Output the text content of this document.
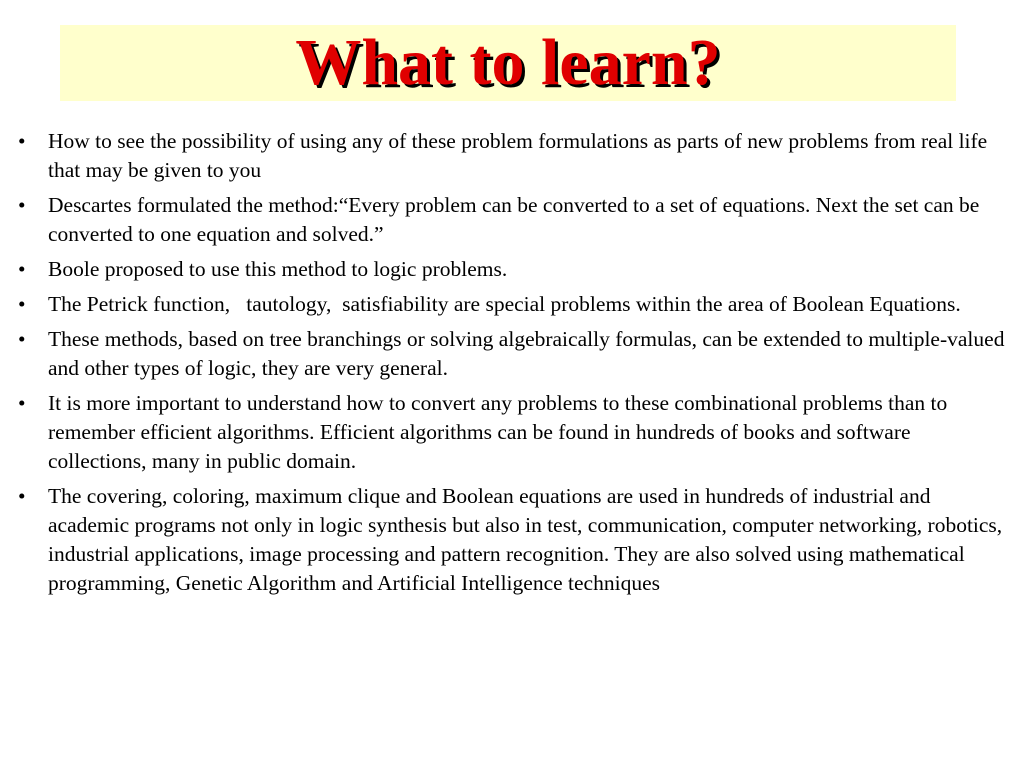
What to learn?
•	How to see the possibility of using any of these problem formulations as parts of new problems from real life that may be given to you
•	Descartes formulated the method:“Every problem can be converted to a set of equations. Next the set can be converted to one equation and solved.”
•	Boole proposed to use this method to logic problems.
•	The Petrick function,   tautology,  satisfiability are special problems within the area of Boolean Equations.
•	These methods, based on tree branchings or solving algebraically formulas, can be extended to multiple-valued and other types of logic, they are very general.
•	It is more important to understand how to convert any problems to these combinational problems than to remember efficient algorithms. Efficient algorithms can be found in hundreds of books and software collections, many in public domain.
•	The covering, coloring, maximum clique and Boolean equations are used in hundreds of industrial and academic programs not only in logic synthesis but also in test, communication, computer networking, robotics, industrial applications, image processing and pattern recognition. They are also solved using mathematical programming, Genetic Algorithm and Artificial Intelligence techniques
